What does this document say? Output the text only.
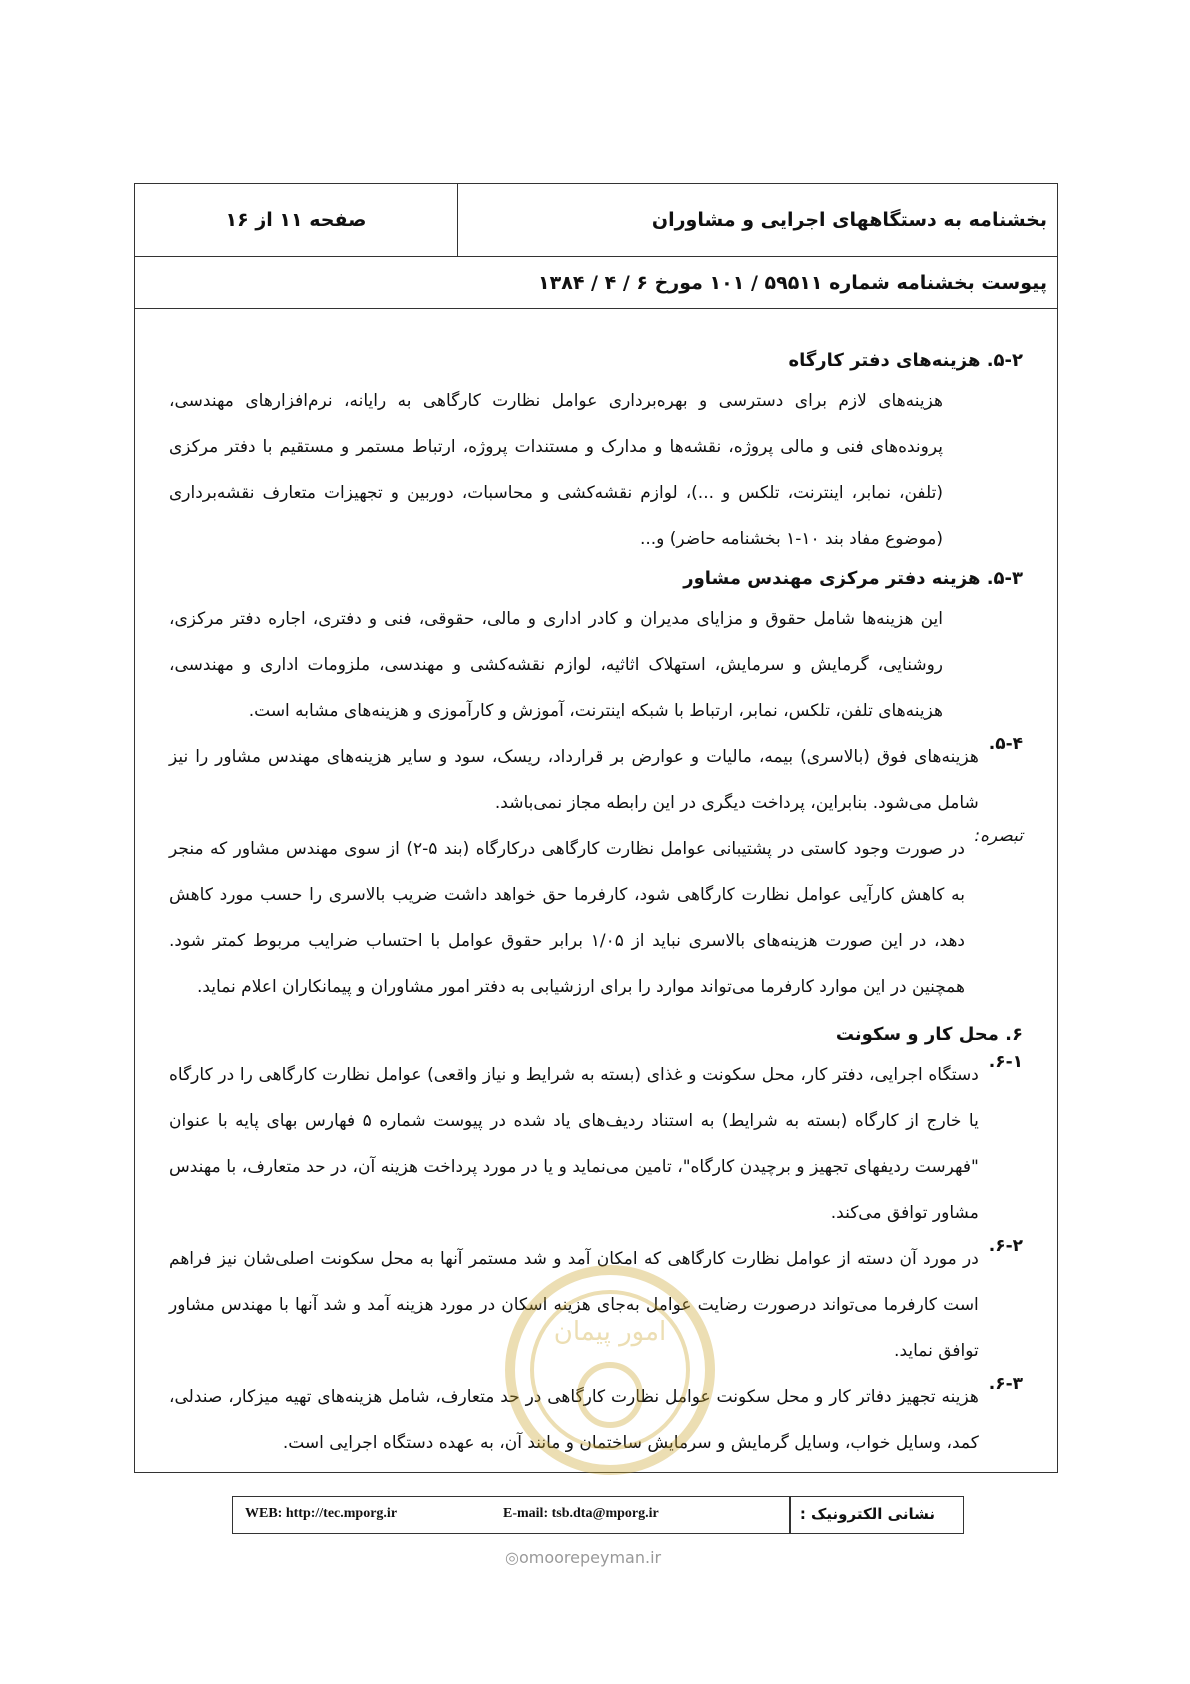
صفحه ۱۱ از ۱۶	بخشنامه به دستگاههای اجرایی و مشاوران
پیوست بخشنامه شماره ۵۹۵۱۱ / ۱۰۱ مورخ ۶ / ۴ / ۱۳۸۴

۵-۲. هزینه‌های دفتر کارگاه

هزینه‌های لازم برای دسترسی و بهره‌برداری عوامل نظارت کارگاهی به رایانه، نرم‌افزارهای مهندسی، پرونده‌های فنی و مالی پروژه، نقشه‌ها و مدارک و مستندات پروژه، ارتباط مستمر و مستقیم با دفتر مرکزی (تلفن، نمابر، اینترنت، تلکس و ...)، لوازم نقشه‌کشی و محاسبات، دوربین و تجهیزات متعارف نقشه‌برداری (موضوع مفاد بند ۱۰-۱ بخشنامه حاضر) و...

۵-۳. هزینه دفتر مرکزی مهندس مشاور

این هزینه‌ها شامل حقوق و مزایای مدیران و کادر اداری و مالی، حقوقی، فنی و دفتری، اجاره دفتر مرکزی، روشنایی، گرمایش و سرمایش، استهلاک اثاثیه، لوازم نقشه‌کشی و مهندسی، ملزومات اداری و مهندسی، هزینه‌های تلفن، تلکس، نمابر، ارتباط با شبکه اینترنت، آموزش و کارآموزی و هزینه‌های مشابه است.

۵-۴.
هزینه‌های فوق (بالاسری) بیمه، مالیات و عوارض بر قرارداد، ریسک، سود و سایر هزینه‌های مهندس مشاور را نیز شامل می‌شود. بنابراین، پرداخت دیگری در این رابطه مجاز نمی‌باشد.
تبصره:
در صورت وجود کاستی در پشتیبانی عوامل نظارت کارگاهی درکارگاه (بند ۵-۲) از سوی مهندس مشاور که منجر به کاهش کارآیی عوامل نظارت کارگاهی شود، کارفرما حق خواهد داشت ضریب بالاسری را حسب مورد کاهش دهد، در این صورت هزینه‌های بالاسری نباید از ۱/۰۵ برابر حقوق عوامل با احتساب ضرایب مربوط کمتر شود. همچنین در این موارد کارفرما می‌تواند موارد را برای ارزشیابی به دفتر امور مشاوران و پیمانکاران اعلام نماید.

۶. محل کار و سکونت

۶-۱.
دستگاه اجرایی، دفتر کار، محل سکونت و غذای (بسته به شرایط و نیاز واقعی) عوامل نظارت کارگاهی را در کارگاه یا خارج از کارگاه (بسته به شرایط) به استناد ردیف‌های یاد شده در پیوست شماره ۵ فهارس بهای پایه با عنوان "فهرست ردیفهای تجهیز و برچیدن کارگاه"، تامین می‌نماید و یا در مورد پرداخت هزینه آن، در حد متعارف، با مهندس مشاور توافق می‌کند.
۶-۲.
در مورد آن دسته از عوامل نظارت کارگاهی که امکان آمد و شد مستمر آنها به محل سکونت اصلی‌شان نیز فراهم است کارفرما می‌تواند درصورت رضایت عوامل به‌جای هزینه اسکان در مورد هزینه آمد و شد آنها با مهندس مشاور توافق نماید.
۶-۳.
هزینه تجهیز دفاتر کار و محل سکونت عوامل نظارت کارگاهی در حد متعارف، شامل هزینه‌های تهیه میزکار، صندلی، کمد، وسایل خواب، وسایل گرمایش و سرمایش ساختمان و مانند آن، به عهده دستگاه اجرایی است.
امور پیمان
WEB: http://tec.mporg.ir	E-mail: tsb.dta@mporg.ir	نشانی الکترونیک :
◎omoorepeyman.ir
